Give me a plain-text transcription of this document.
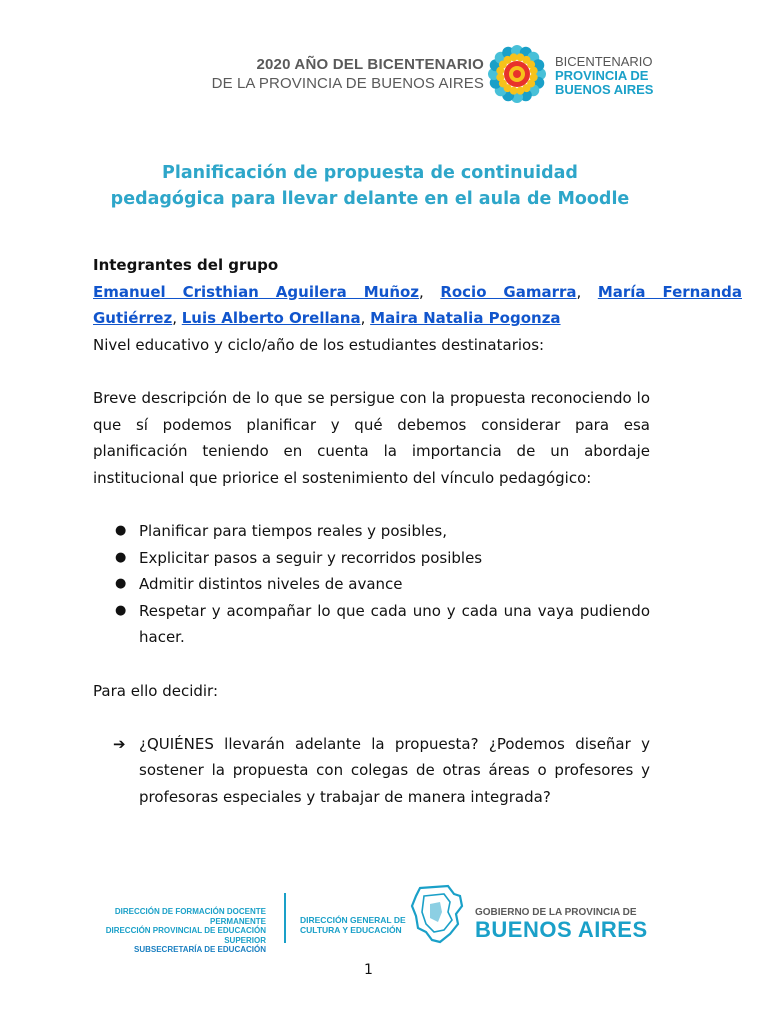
2020 AÑO DEL BICENTENARIO
DE LA PROVINCIA DE BUENOS AIRES
BICENTENARIO
PROVINCIA DE
BUENOS AIRES
Planificación de propuesta de continuidad
pedagógica para llevar delante en el aula de Moodle

Integrantes del grupo

Emanuel Cristhian Aguilera Muñoz, Rocio Gamarra, María Fernanda

Gutiérrez, Luis Alberto Orellana, Maira Natalia Pogonza

Nivel educativo y ciclo/año de los estudiantes destinatarios:

Breve descripción de lo que se persigue con la propuesta reconociendo lo que sí podemos planificar y qué debemos considerar para esa planificación teniendo en cuenta la importancia de un abordaje institucional que priorice el sostenimiento del vínculo pedagógico:

● Planificar para tiempos reales y posibles,
● Explicitar pasos a seguir y recorridos posibles
● Admitir distintos niveles de avance
● Respetar y acompañar lo que cada uno y cada una vaya pudiendo hacer.

Para ello decidir:

➔ ¿QUIÉNES llevarán adelante la propuesta? ¿Podemos diseñar y sostener la propuesta con colegas de otras áreas o profesores y profesoras especiales y trabajar de manera integrada?
DIRECCIÓN DE FORMACIÓN DOCENTE PERMANENTE
DIRECCIÓN PROVINCIAL DE EDUCACIÓN SUPERIOR
SUBSECRETARÍA DE EDUCACIÓN
DIRECCIÓN GENERAL DE
CULTURA Y EDUCACIÓN
GOBIERNO DE LA PROVINCIA DE
BUENOS AIRES
1
